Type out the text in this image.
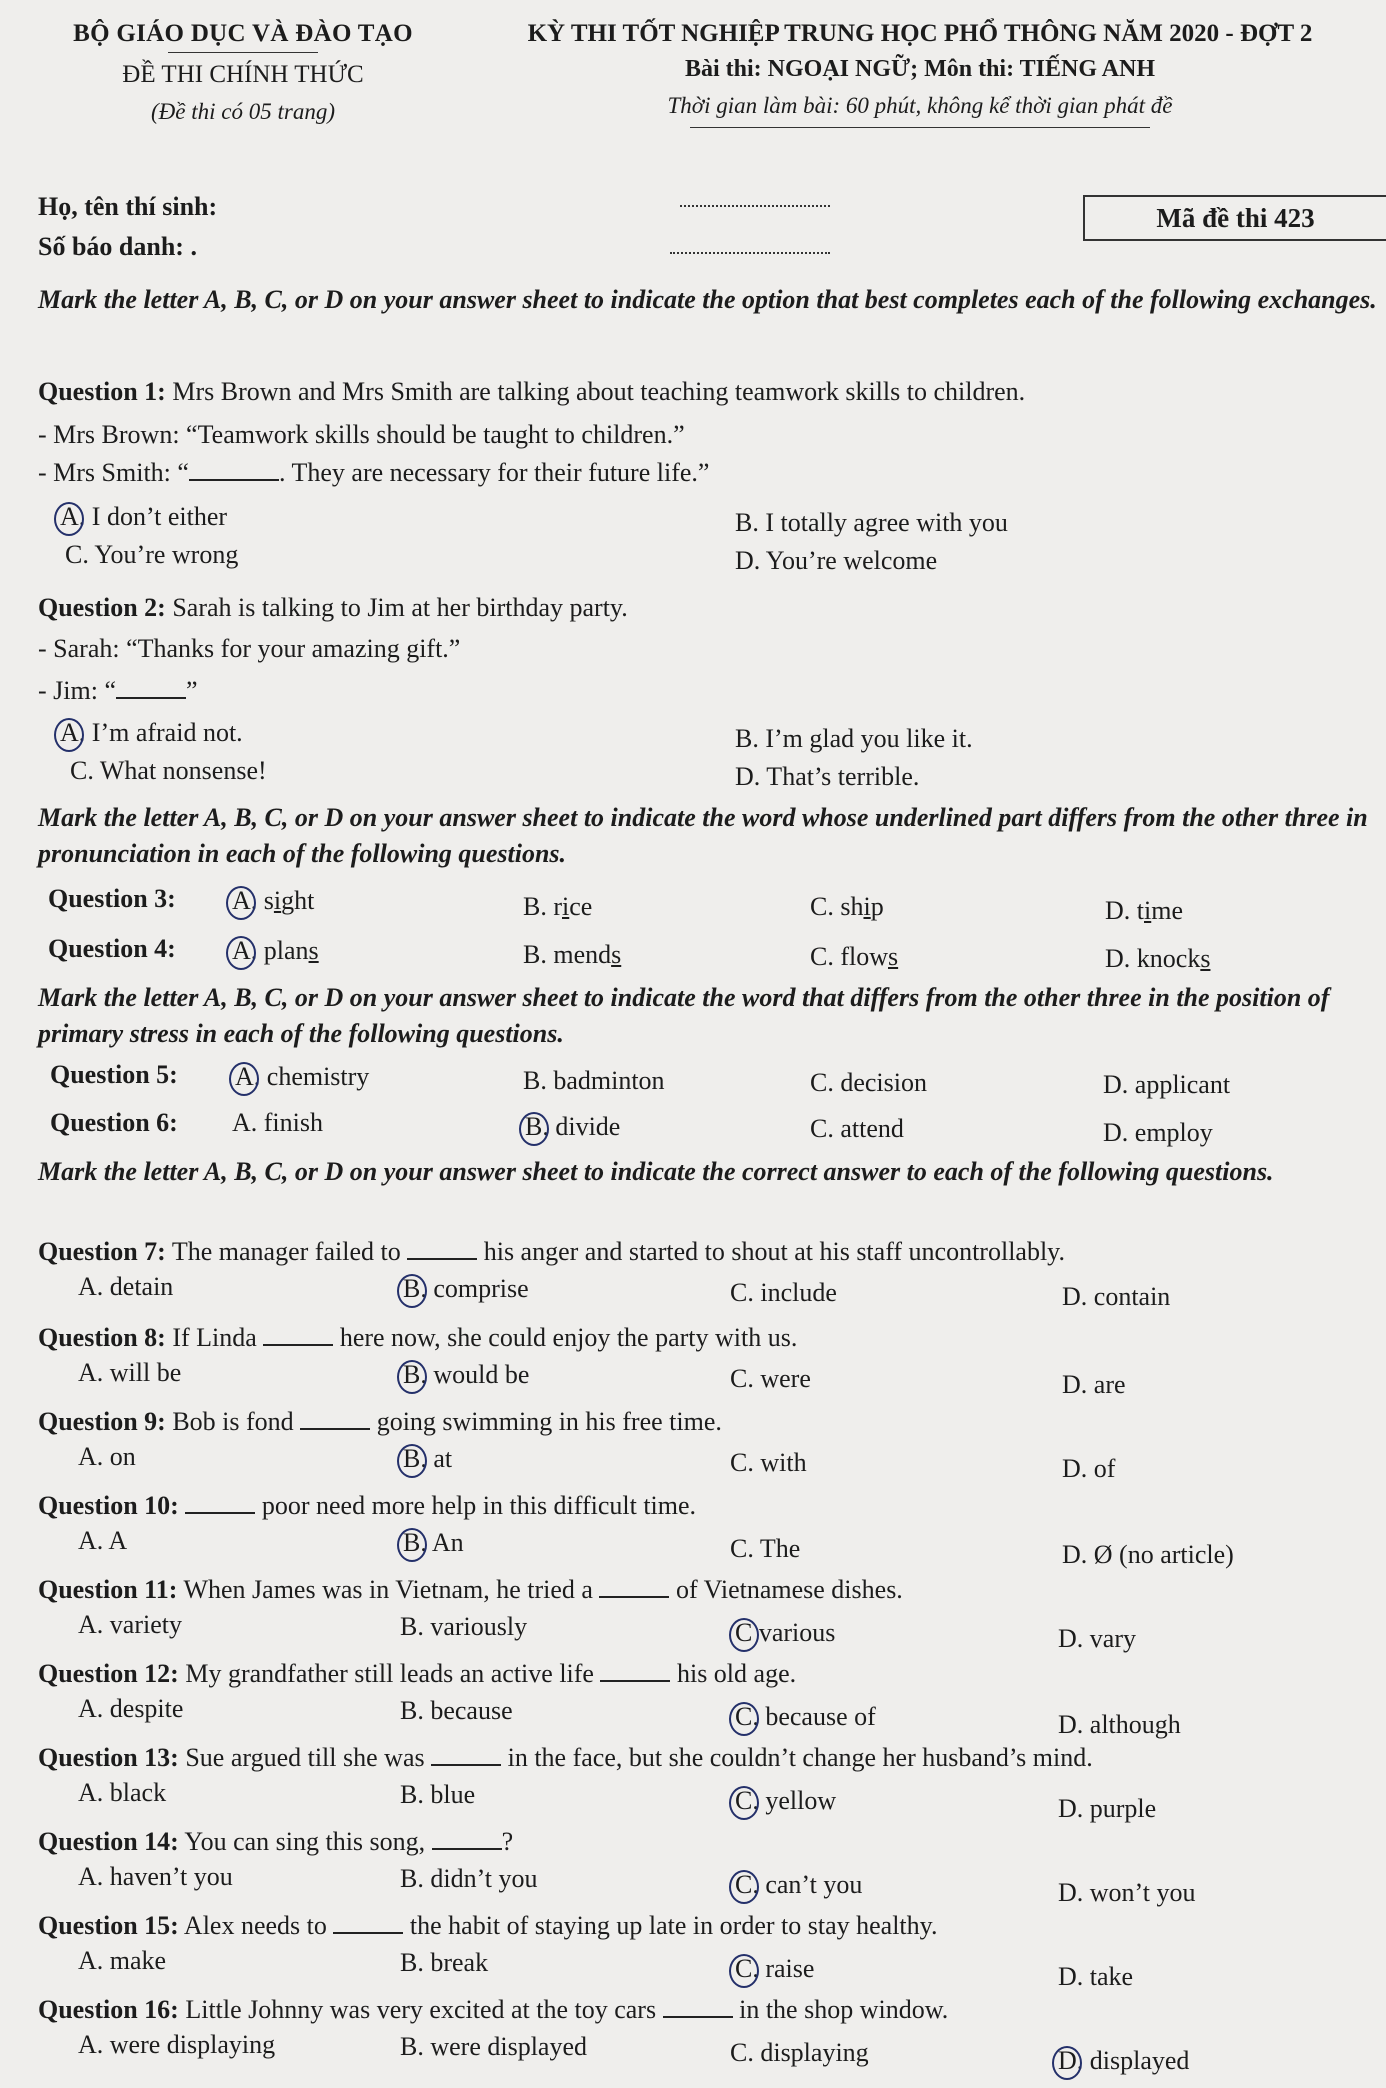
BỘ GIÁO DỤC VÀ ĐÀO TẠO
ĐỀ THI CHÍNH THỨC
(Đề thi có 05 trang)
KỲ THI TỐT NGHIỆP TRUNG HỌC PHỔ THÔNG NĂM 2020 - ĐỢT 2
Bài thi: NGOẠI NGỮ; Môn thi: TIẾNG ANH
Thời gian làm bài: 60 phút, không kể thời gian phát đề
Họ, tên thí sinh:
Số báo danh: .
Mã đề thi 423
Mark the letter A, B, C, or D on your answer sheet to indicate the option that best completes each of the following exchanges.
Question 1: Mrs Brown and Mrs Smith are talking about teaching teamwork skills to children.
- Mrs Brown: “Teamwork skills should be taught to children.”
- Mrs Smith: “	. They are necessary for their future life.”
A. I don’t either	B. I totally agree with you
C. You’re wrong	D. You’re welcome
Question 2: Sarah is talking to Jim at her birthday party.
- Sarah: “Thanks for your amazing gift.”
- Jim: “	”
A. I’m afraid not.	B. I’m glad you like it.
C. What nonsense!	D. That’s terrible.
Mark the letter A, B, C, or D on your answer sheet to indicate the word whose underlined part differs from the other three in pronunciation in each of the following questions.
Question 3: A. sight	B. rice	C. ship	D. time
Question 4: A. plans	B. mends	C. flows	D. knocks
Mark the letter A, B, C, or D on your answer sheet to indicate the word that differs from the other three in the position of primary stress in each of the following questions.
Question 5: A. chemistry	B. badminton	C. decision	D. applicant
Question 6: A. finish	B. divide	C. attend	D. employ
Mark the letter A, B, C, or D on your answer sheet to indicate the correct answer to each of the following questions.
Question 7: The manager failed to	his anger and started to shout at his staff uncontrollably.
A. detain	B. comprise	C. include	D. contain
Question 8: If Linda	here now, she could enjoy the party with us.
A. will be	B. would be	C. were	D. are
Question 9: Bob is fond	going swimming in his free time.
A. on	B. at	C. with	D. of
Question 10:	poor need more help in this difficult time.
A. A	B. An	C. The	D. Ø (no article)
Question 11: When James was in Vietnam, he tried a	of Vietnamese dishes.
A. variety	B. variously	C various	D. vary
Question 12: My grandfather still leads an active life	his old age.
A. despite	B. because	C. because of	D. although
Question 13: Sue argued till she was	in the face, but she couldn’t change her husband’s mind.
A. black	B. blue	C. yellow	D. purple
Question 14: You can sing this song,	?
A. haven’t you	B. didn’t you	C. can’t you	D. won’t you
Question 15: Alex needs to	the habit of staying up late in order to stay healthy.
A. make	B. break	C. raise	D. take
Question 16: Little Johnny was very excited at the toy cars	in the shop window.
A. were displaying	B. were displayed	C. displaying	D. displayed
